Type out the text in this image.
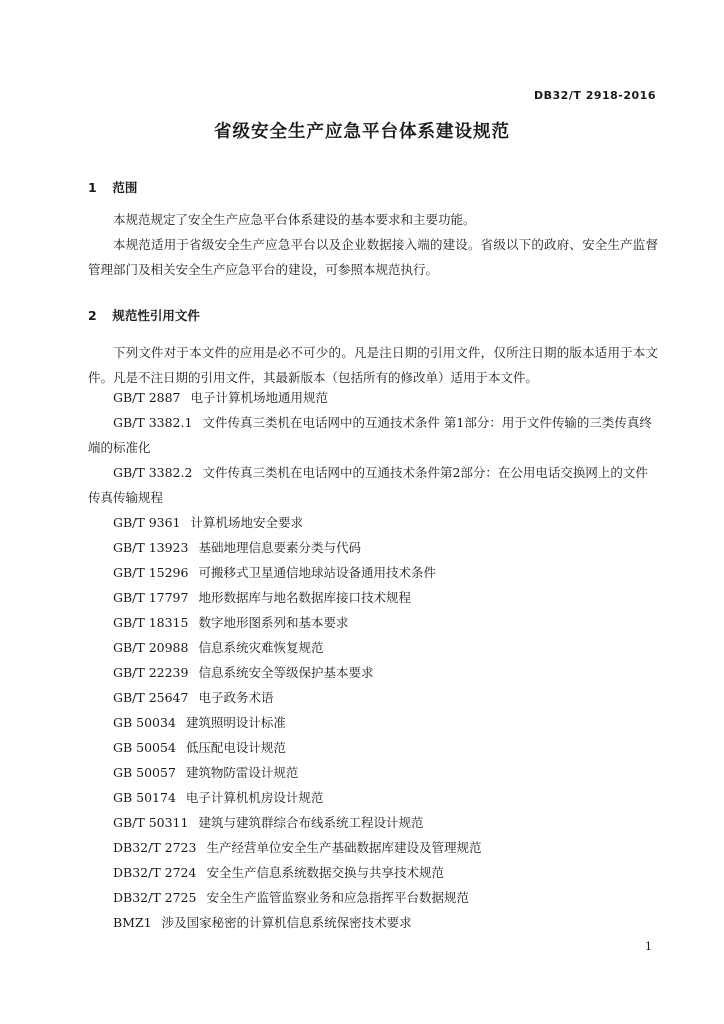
DB32/T 2918-2016
省级安全生产应急平台体系建设规范
1 范围

本规范规定了安全生产应急平台体系建设的基本要求和主要功能。

本规范适用于省级安全生产应急平台以及企业数据接入端的建设。省级以下的政府、安全生产监督管理部门及相关安全生产应急平台的建设，可参照本规范执行。

2 规范性引用文件

下列文件对于本文件的应用是必不可少的。凡是注日期的引用文件，仅所注日期的版本适用于本文件。凡是不注日期的引用文件，其最新版本（包括所有的修改单）适用于本文件。

GB/T 2887 电子计算机场地通用规范
GB/T 3382.1 文件传真三类机在电话网中的互通技术条件 第1部分：用于文件传输的三类传真终端的标准化
GB/T 3382.2 文件传真三类机在电话网中的互通技术条件第2部分：在公用电话交换网上的文件传真传输规程
GB/T 9361 计算机场地安全要求
GB/T 13923 基础地理信息要素分类与代码
GB/T 15296 可搬移式卫星通信地球站设备通用技术条件
GB/T 17797 地形数据库与地名数据库接口技术规程
GB/T 18315 数字地形图系列和基本要求
GB/T 20988 信息系统灾难恢复规范
GB/T 22239 信息系统安全等级保护基本要求
GB/T 25647 电子政务术语
GB 50034 建筑照明设计标准
GB 50054 低压配电设计规范
GB 50057 建筑物防雷设计规范
GB 50174 电子计算机机房设计规范
GB/T 50311 建筑与建筑群综合布线系统工程设计规范
DB32/T 2723 生产经营单位安全生产基础数据库建设及管理规范
DB32/T 2724 安全生产信息系统数据交换与共享技术规范
DB32/T 2725 安全生产监管监察业务和应急指挥平台数据规范
BMZ1 涉及国家秘密的计算机信息系统保密技术要求
1
